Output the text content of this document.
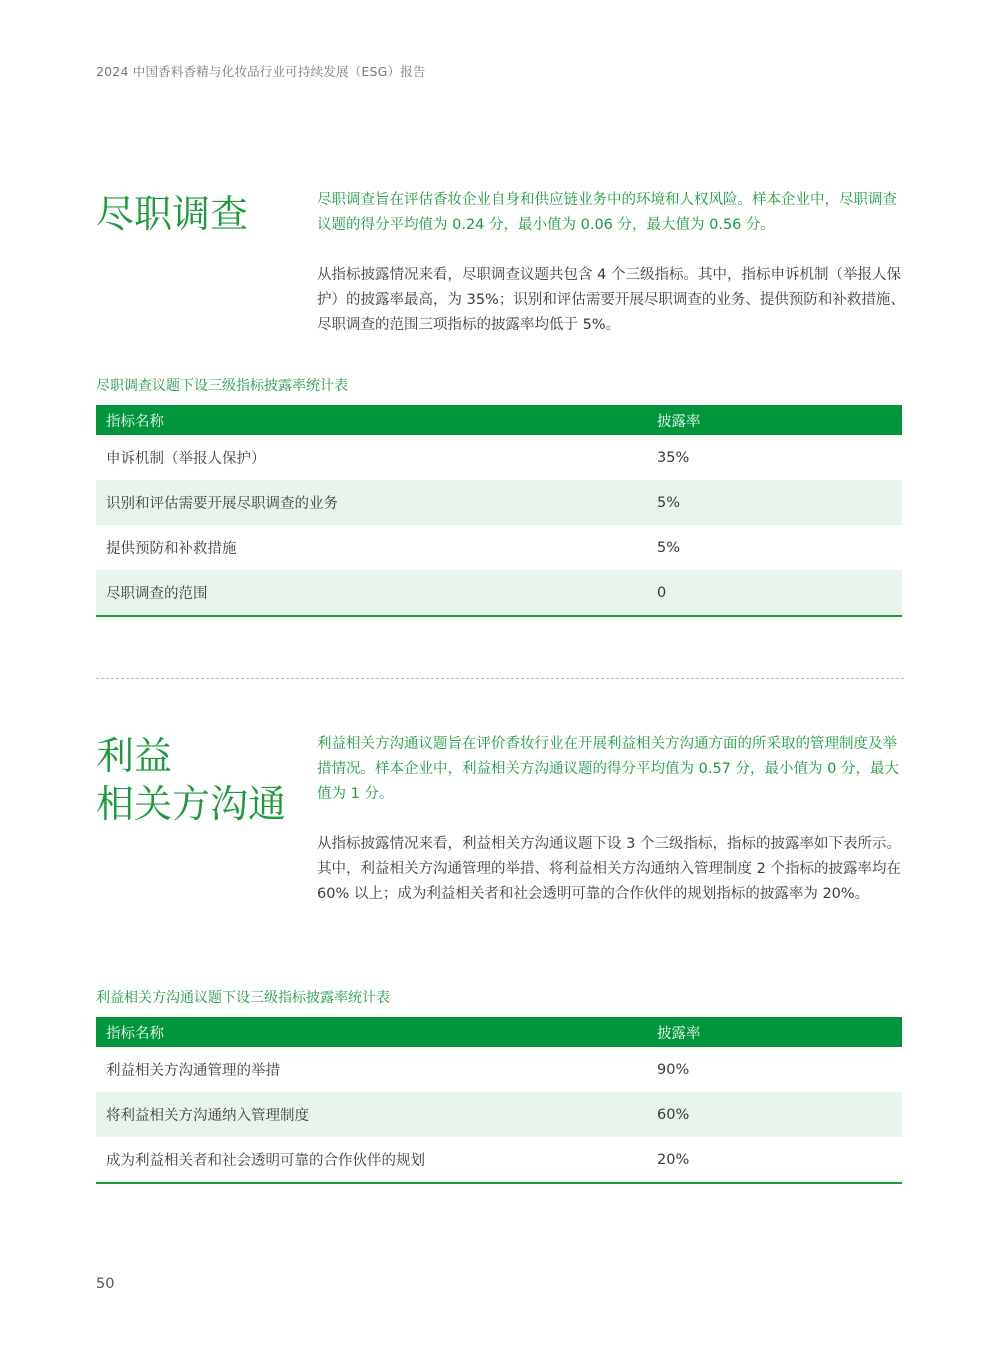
2024 中国香料香精与化妆品行业可持续发展（ESG）报告
尽职调查	尽职调查旨在评估香妆企业自身和供应链业务中的环境和人权风险。样本企业中，尽职调查议题的得分平均值为 0.24 分，最小值为 0.06 分，最大值为 0.56 分。

从指标披露情况来看，尽职调查议题共包含 4 个三级指标。其中，指标申诉机制（举报人保护）的披露率最高，为 35%；识别和评估需要开展尽职调查的业务、提供预防和补救措施、尽职调查的范围三项指标的披露率均低于 5%。

尽职调查议题下设三级指标披露率统计表

指标名称	披露率
申诉机制（举报人保护）	35%
识别和评估需要开展尽职调查的业务	5%
提供预防和补救措施	5%
尽职调查的范围	0
利益
相关方沟通

利益相关方沟通议题旨在评价香妆行业在开展利益相关方沟通方面的所采取的管理制度及举措情况。样本企业中，利益相关方沟通议题的得分平均值为 0.57 分，最小值为 0 分，最大值为 1 分。

从指标披露情况来看，利益相关方沟通议题下设 3 个三级指标，指标的披露率如下表所示。其中，利益相关方沟通管理的举措、将利益相关方沟通纳入管理制度 2 个指标的披露率均在 60% 以上；成为利益相关者和社会透明可靠的合作伙伴的规划指标的披露率为 20%。

利益相关方沟通议题下设三级指标披露率统计表

指标名称	披露率
利益相关方沟通管理的举措	90%
将利益相关方沟通纳入管理制度	60%
成为利益相关者和社会透明可靠的合作伙伴的规划	20%
50
